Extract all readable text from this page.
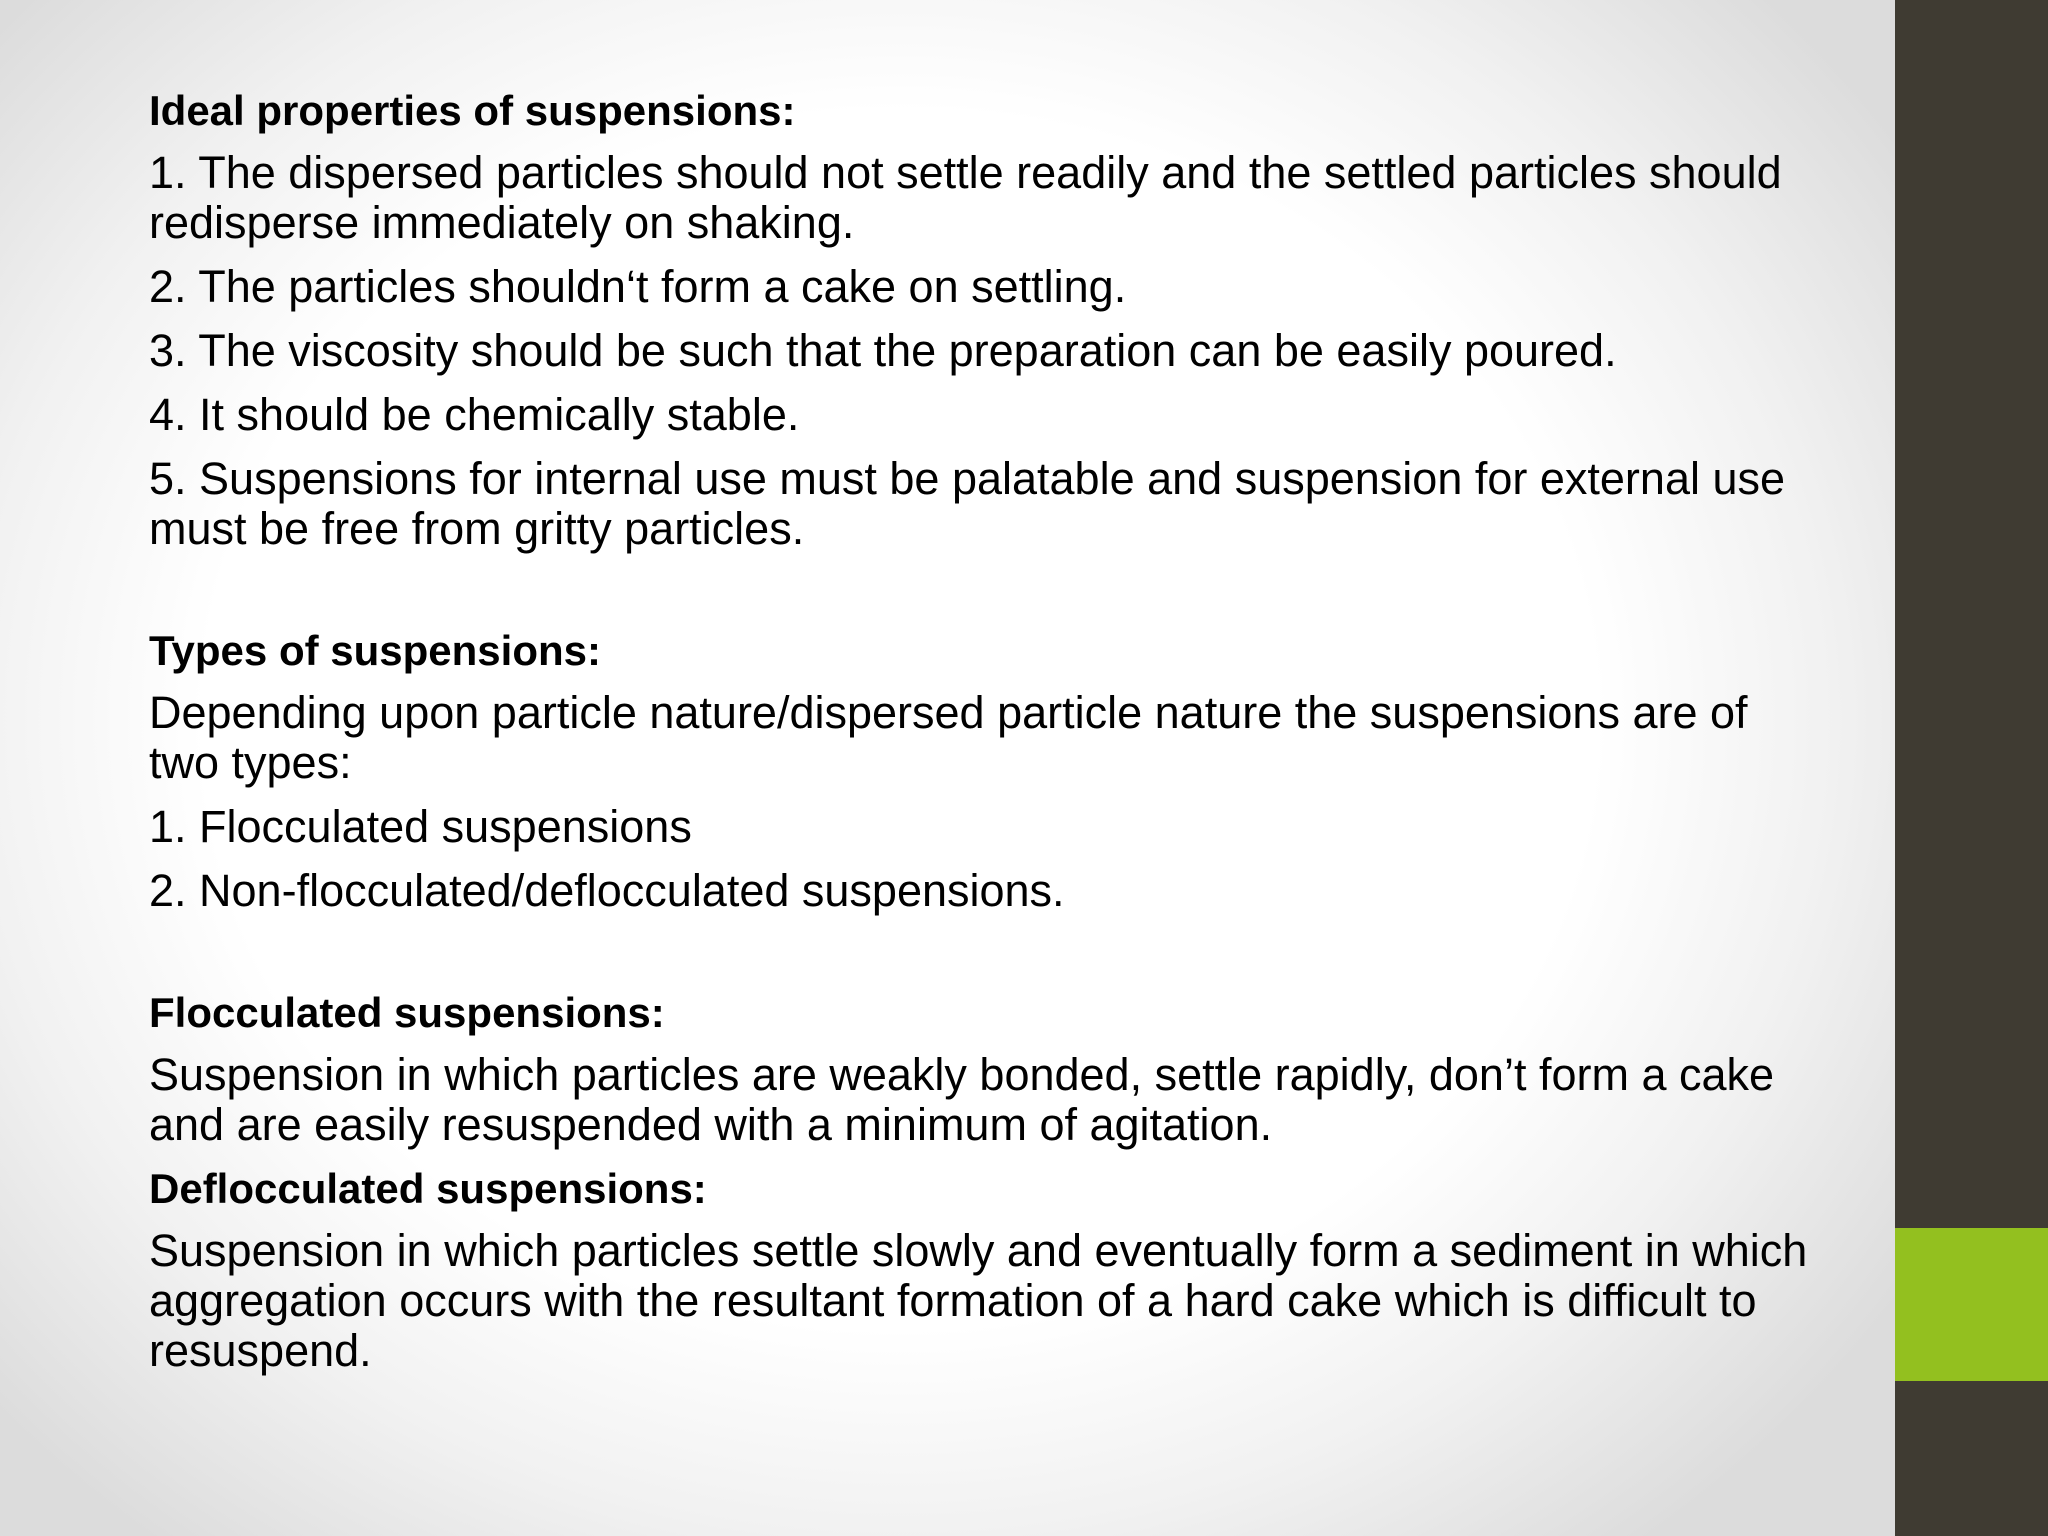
Ideal properties of suspensions:
1. The dispersed particles should not settle readily and the settled particles should redisperse immediately on shaking.
2. The particles shouldn‘t form a cake on settling.
3. The viscosity should be such that the preparation can be easily poured.
4. It should be chemically stable.
5. Suspensions for internal use must be palatable and suspension for external use must be free from gritty particles.
Types of suspensions:
Depending upon particle nature/dispersed particle nature the suspensions are of two types:
1. Flocculated suspensions
2. Non-flocculated/deflocculated suspensions.
Flocculated suspensions:
Suspension in which particles are weakly bonded, settle rapidly, don’t form a cake and are easily resuspended with a minimum of agitation.
Deflocculated suspensions:
Suspension in which particles settle slowly and eventually form a sediment in which aggregation occurs with the resultant formation of a hard cake which is difficult to resuspend.
